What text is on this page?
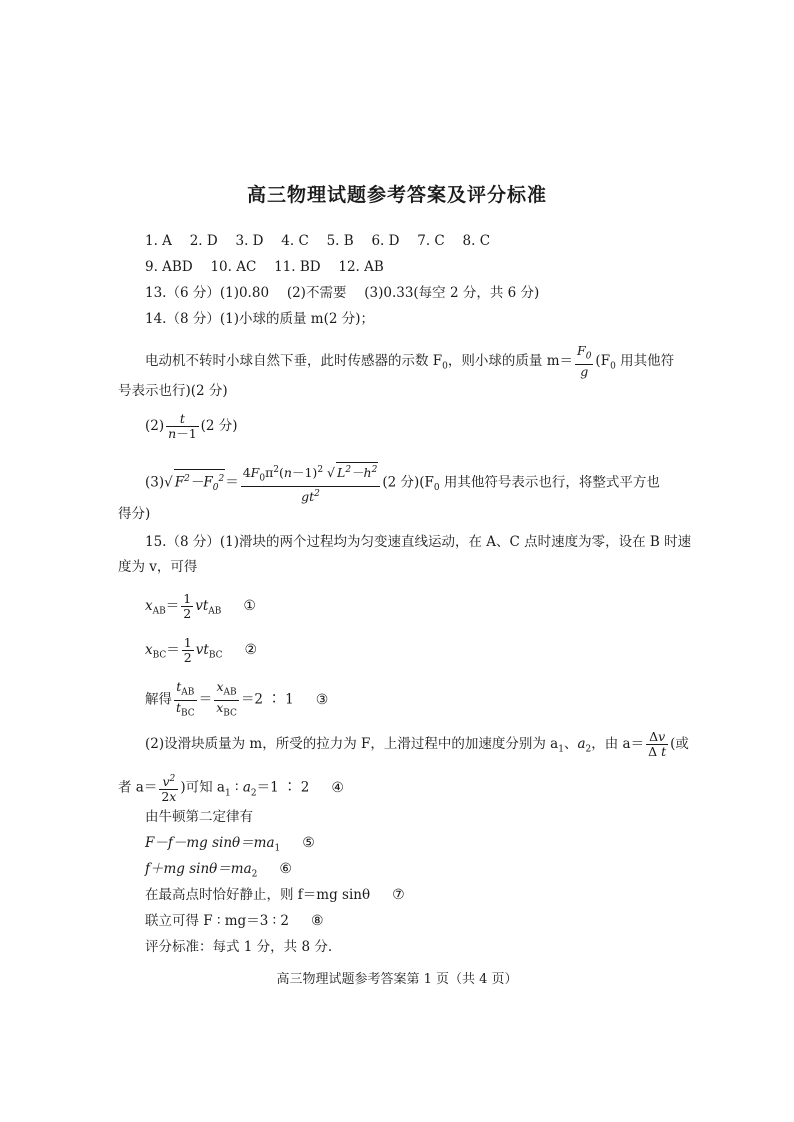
高三物理试题参考答案及评分标准
1. A 　2. D 　3. D 　4. C 　5. B 　6. D 　7. C 　8. C
9. ABD 　10. AC 　11. BD 　12. AB
13.（6 分）(1)0.80 　(2)不需要 　(3)0.33(每空 2 分，共 6 分)
14.（8 分）(1)小球的质量 m(2 分)；
电动机不转时小球自然下垂，此时传感器的示数 $F_0$，则小球的质量 $m= \frac{F_0}{g} (F_0$ 用其他符
号表示也行)(2 分)
$(2) \frac{t}{n-1} (2$ 分)
(3)√ $F^2-F_0^2= \frac{4F_0\pi^2(n-1)^2 √ L^2-h^2}{gt^2} (2$ 分)($F_0$ 用其他符号表示也行，将整式平方也
得分)
15.（8 分）(1)滑块的两个过程均为匀变速直线运动，在 A、C 点时速度为零，设在 B 时速
度为 v，可得
$x_{AB}= \frac{1}{2} vt_{AB}$ ①
$x_{BC}= \frac{1}{2} vt_{BC}$ ②
解得 $\frac{t_{AB}}{t_{BC}} = \frac{x_{AB}}{x_{BC}} =2$ ∶ 1 ③
(2)设滑块质量为 m，所受的拉力为 F，上滑过程中的加速度分别为 $a_1$、$a_2$，由 $a= \frac{\Delta v}{\text{Δ t}}$ (或
者 $a= \frac{v^2}{2x}$ )可知 $a_1$ ∶ $a_2=1$ ∶ 2 ④
由牛顿第二定律有
F－f－mg $\sin\theta=ma_1$ ⑤
f＋mg $\sin\theta=ma_2$ ⑥
在最高点时恰好静止，则 f＝mg sinθ ⑦
联立可得 F ∶ mg＝3 ∶ 2 ⑧
评分标准：每式 1 分，共 8 分.
高三物理试题参考答案第 1 页（共 4 页）
